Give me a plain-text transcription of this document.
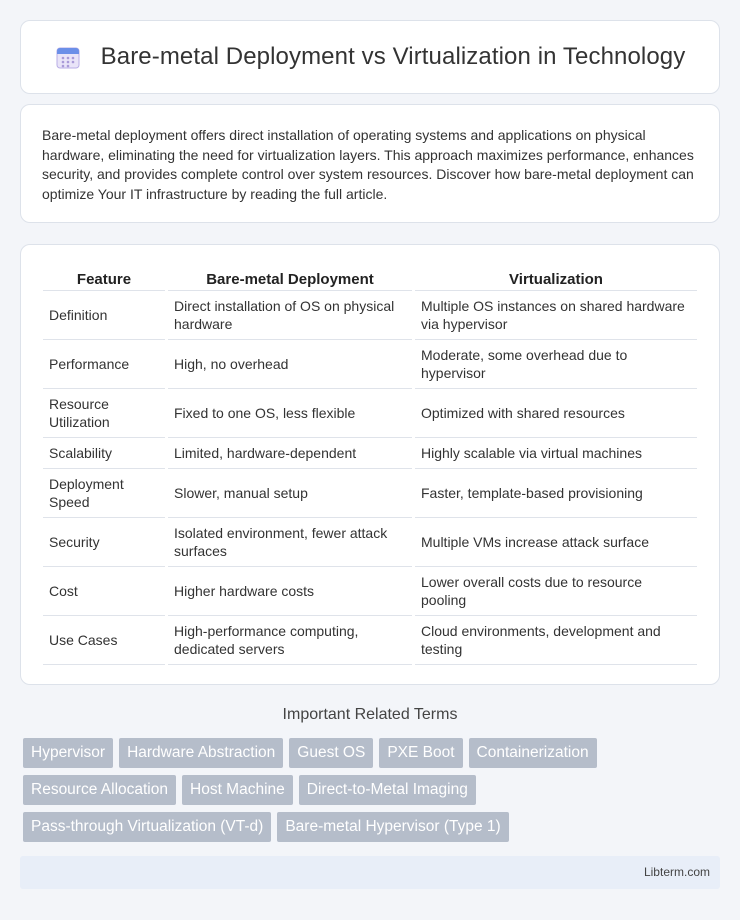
Bare-metal Deployment vs Virtualization in Technology

Bare-metal deployment offers direct installation of operating systems and applications on physical hardware, eliminating the need for virtualization layers. This approach maximizes performance, enhances security, and provides complete control over system resources. Discover how bare-metal deployment can optimize Your IT infrastructure by reading the full article.

Feature	Bare-metal Deployment	Virtualization
Definition	Direct installation of OS on physical hardware	Multiple OS instances on shared hardware via hypervisor
Performance	High, no overhead	Moderate, some overhead due to hypervisor
Resource Utilization	Fixed to one OS, less flexible	Optimized with shared resources
Scalability	Limited, hardware-dependent	Highly scalable via virtual machines
Deployment Speed	Slower, manual setup	Faster, template-based provisioning
Security	Isolated environment, fewer attack surfaces	Multiple VMs increase attack surface
Cost	Higher hardware costs	Lower overall costs due to resource pooling
Use Cases	High-performance computing, dedicated servers	Cloud environments, development and testing
Important Related Terms
Hypervisor	Hardware Abstraction	Guest OS	PXE Boot	Containerization
Resource Allocation	Host Machine	Direct-to-Metal Imaging
Pass-through Virtualization (VT-d)	Bare-metal Hypervisor (Type 1)
Libterm.com
